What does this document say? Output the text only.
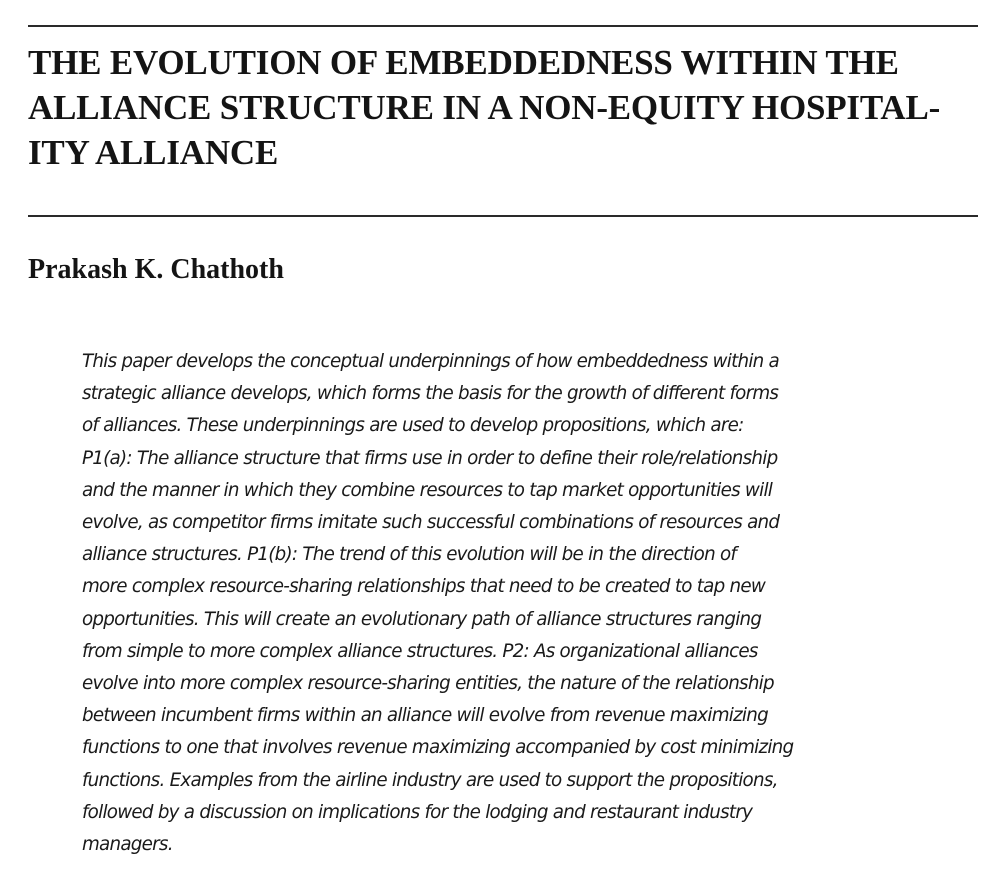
THE EVOLUTION OF EMBEDDEDNESS WITHIN THE
ALLIANCE STRUCTURE IN A NON-EQUITY HOSPITAL-
ITY ALLIANCE
Prakash K. Chathoth

This paper develops the conceptual underpinnings of how embeddedness within a
strategic alliance develops, which forms the basis for the growth of different forms
of alliances. These underpinnings are used to develop propositions, which are:
P1(a): The alliance structure that firms use in order to define their role/relationship
and the manner in which they combine resources to tap market opportunities will
evolve, as competitor firms imitate such successful combinations of resources and
alliance structures. P1(b): The trend of this evolution will be in the direction of
more complex resource-sharing relationships that need to be created to tap new
opportunities. This will create an evolutionary path of alliance structures ranging
from simple to more complex alliance structures. P2: As organizational alliances
evolve into more complex resource-sharing entities, the nature of the relationship
between incumbent firms within an alliance will evolve from revenue maximizing
functions to one that involves revenue maximizing accompanied by cost minimizing
functions. Examples from the airline industry are used to support the propositions,
followed by a discussion on implications for the lodging and restaurant industry
managers.
